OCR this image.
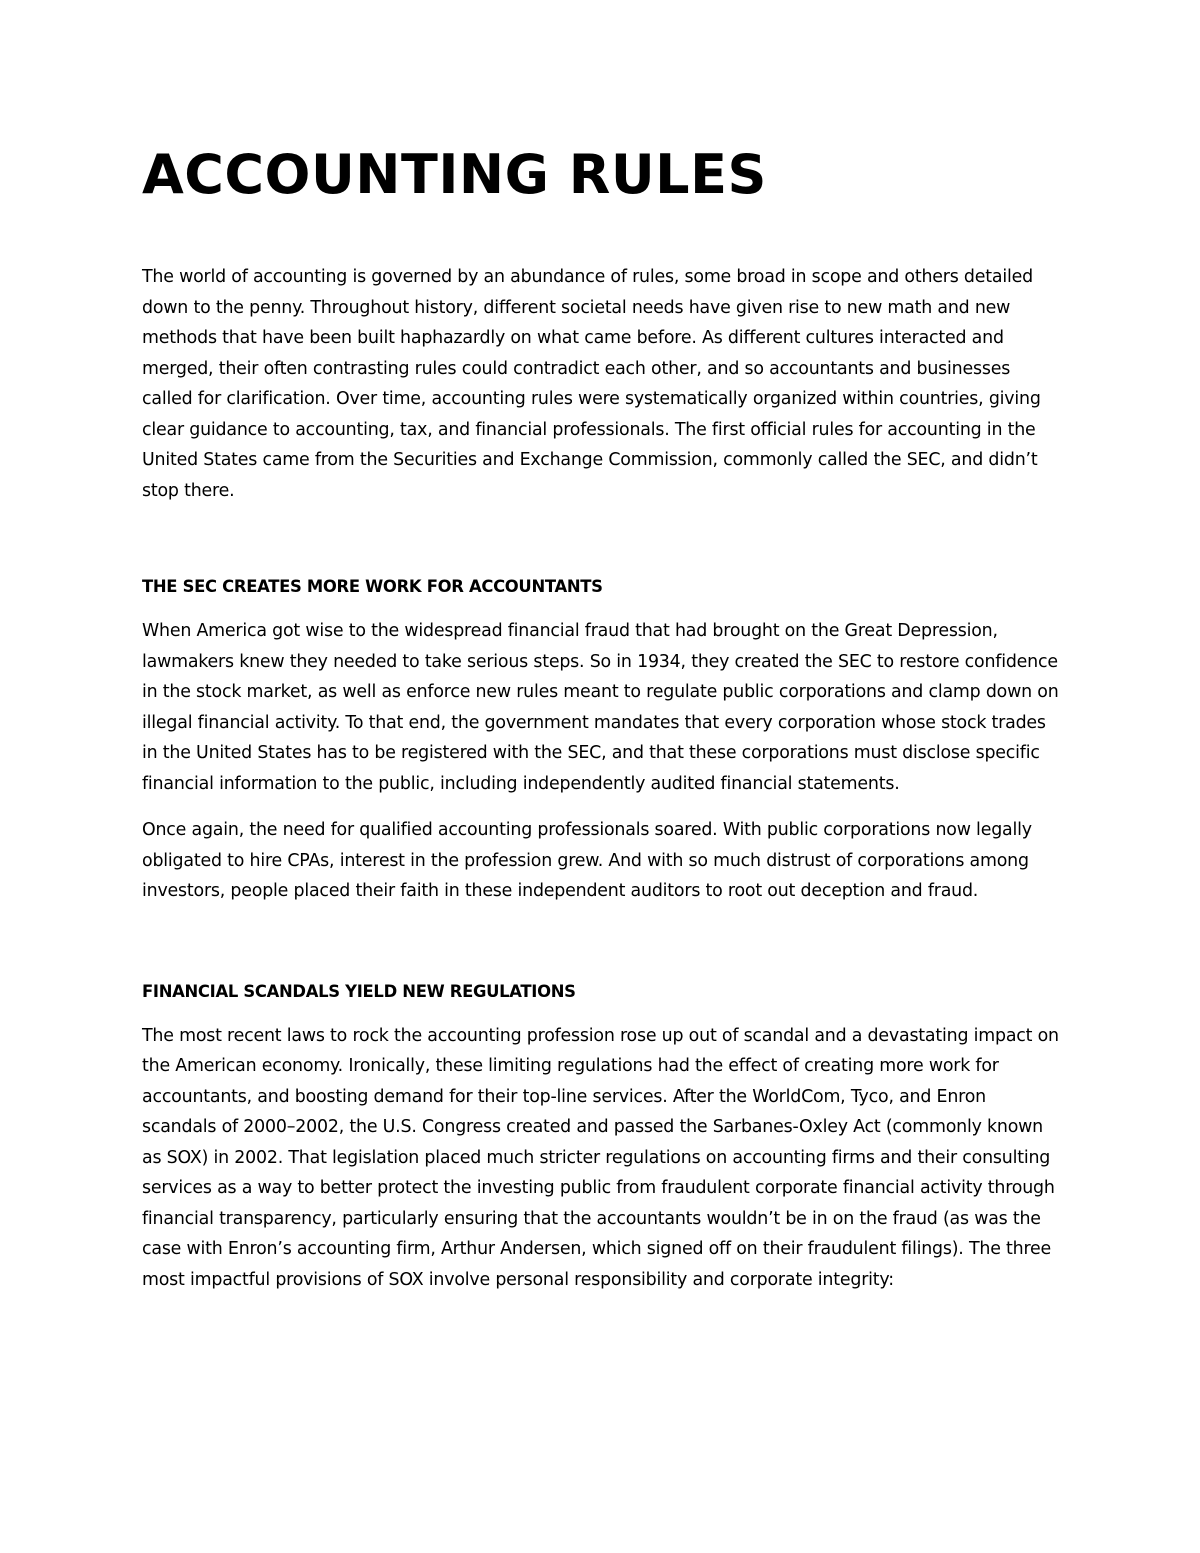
ACCOUNTING RULES

The world of accounting is governed by an abundance of rules, some broad in scope and others detailed down to the penny. Throughout history, different societal needs have given rise to new math and new methods that have been built haphazardly on what came before. As different cultures interacted and merged, their often contrasting rules could contradict each other, and so accountants and businesses called for clarification. Over time, accounting rules were systematically organized within countries, giving clear guidance to accounting, tax, and financial professionals. The first official rules for accounting in the United States came from the Securities and Exchange Commission, commonly called the SEC, and didn’t stop there.

THE SEC CREATES MORE WORK FOR ACCOUNTANTS

When America got wise to the widespread financial fraud that had brought on the Great Depression, lawmakers knew they needed to take serious steps. So in 1934, they created the SEC to restore confidence in the stock market, as well as enforce new rules meant to regulate public corporations and clamp down on illegal financial activity. To that end, the government mandates that every corporation whose stock trades in the United States has to be registered with the SEC, and that these corporations must disclose specific financial information to the public, including independently audited financial statements.

Once again, the need for qualified accounting professionals soared. With public corporations now legally obligated to hire CPAs, interest in the profession grew. And with so much distrust of corporations among investors, people placed their faith in these independent auditors to root out deception and fraud.

FINANCIAL SCANDALS YIELD NEW REGULATIONS

The most recent laws to rock the accounting profession rose up out of scandal and a devastating impact on the American economy. Ironically, these limiting regulations had the effect of creating more work for accountants, and boosting demand for their top-line services. After the WorldCom, Tyco, and Enron scandals of 2000–2002, the U.S. Congress created and passed the Sarbanes-Oxley Act (commonly known as SOX) in 2002. That legislation placed much stricter regulations on accounting firms and their consulting services as a way to better protect the investing public from fraudulent corporate financial activity through financial transparency, particularly ensuring that the accountants wouldn’t be in on the fraud (as was the case with Enron’s accounting firm, Arthur Andersen, which signed off on their fraudulent filings). The three most impactful provisions of SOX involve personal responsibility and corporate integrity:
